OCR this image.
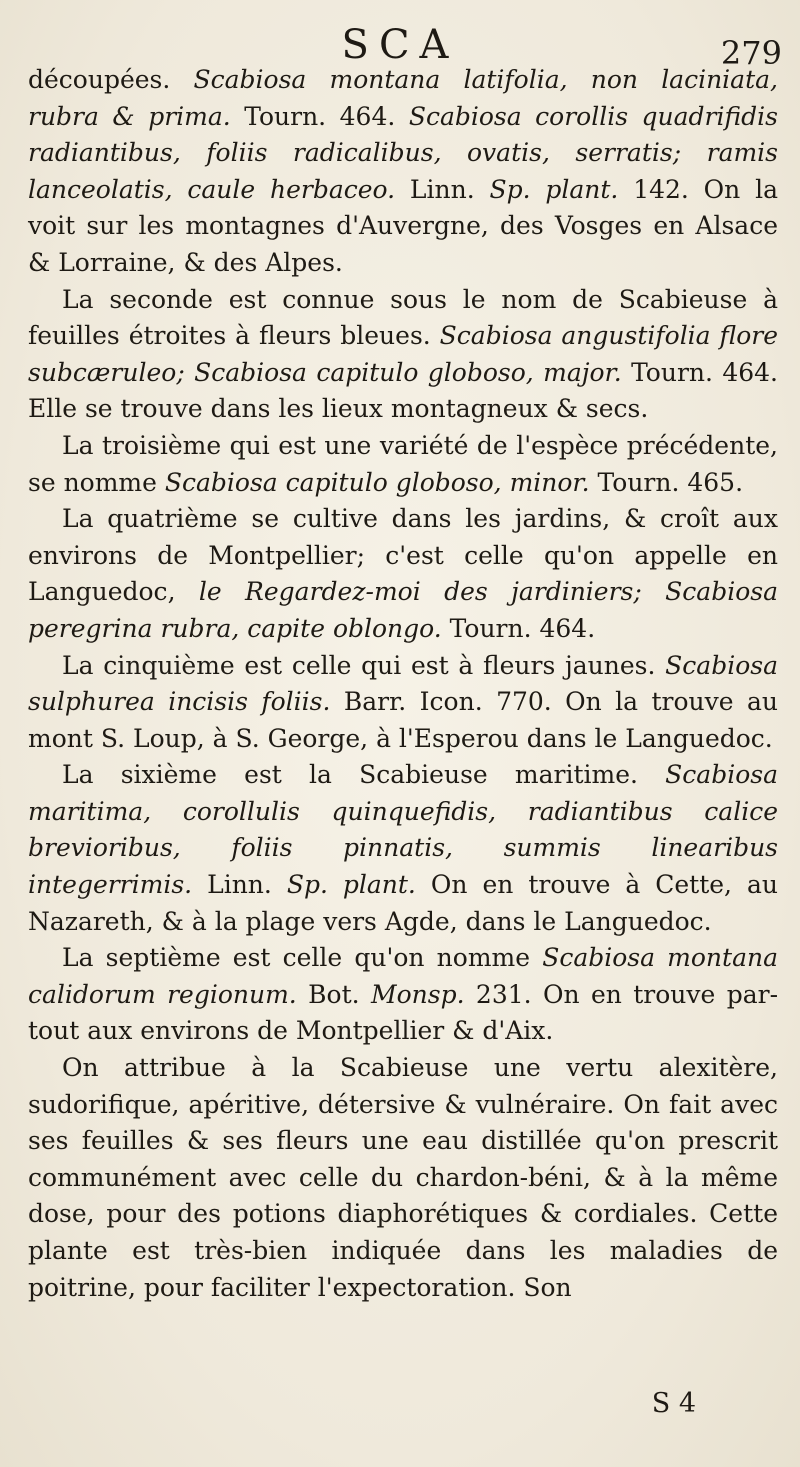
SCA	279

découpées. Scabiosa montana latifolia, non laciniata, rubra & prima. Tourn. 464. Scabiosa corollis quadrifidis radiantibus, foliis radicalibus, ovatis, serratis; ramis lanceolatis, caule herbaceo. Linn. Sp. plant. 142. On la voit sur les montagnes d'Auvergne, des Vosges en Alsace & Lorraine, & des Alpes.

La seconde est connue sous le nom de Scabieuse à feuilles étroites à fleurs bleues. Scabiosa angustifolia flore subcæruleo; Scabiosa capitulo globoso, major. Tourn. 464. Elle se trouve dans les lieux montagneux & secs.

La troisième qui est une variété de l'espèce précédente, se nomme Scabiosa capitulo globoso, minor. Tourn. 465.

La quatrième se cultive dans les jardins, & croît aux environs de Montpellier; c'est celle qu'on appelle en Languedoc, le Regardez-moi des jardiniers; Scabiosa peregrina rubra, capite oblongo. Tourn. 464.

La cinquième est celle qui est à fleurs jaunes. Scabiosa sulphurea incisis foliis. Barr. Icon. 770. On la trouve au mont S. Loup, à S. George, à l'Esperou dans le Languedoc.

La sixième est la Scabieuse maritime. Scabiosa maritima, corollulis quinquefidis, radiantibus calice brevioribus, foliis pinnatis, summis linearibus integerrimis. Linn. Sp. plant. On en trouve à Cette, au Nazareth, & à la plage vers Agde, dans le Languedoc.

La septième est celle qu'on nomme Scabiosa montana calidorum regionum. Bot. Monsp. 231. On en trouve par-tout aux environs de Montpellier & d'Aix.

On attribue à la Scabieuse une vertu alexitère, sudorifique, apéritive, détersive & vulnéraire. On fait avec ses feuilles & ses fleurs une eau distillée qu'on prescrit communément avec celle du chardon-béni, & à la même dose, pour des potions diaphorétiques & cordiales. Cette plante est très-bien indiquée dans les maladies de poitrine, pour faciliter l'expectoration. Son

S 4
